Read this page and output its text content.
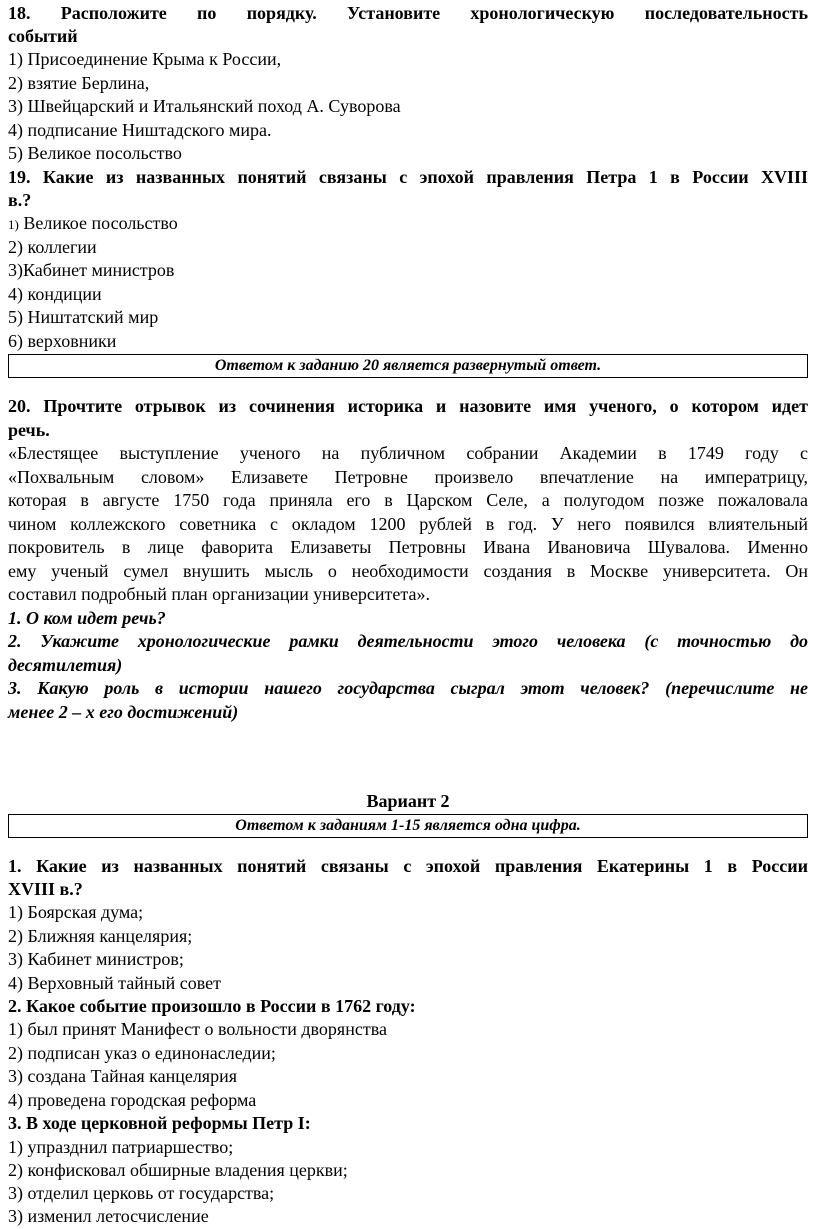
18. Расположите по порядку. Установите хронологическую последовательность
событий
1) Присоединение Крыма к России,
2) взятие Берлина,
3) Швейцарский и Итальянский поход А. Суворова
4) подписание Ништадского мира.
5) Великое посольство
19. Какие из названных понятий связаны с эпохой правления Петра 1 в России XVIII
в.?
1) Великое посольство
2) коллегии
3)Кабинет министров
4) кондиции
5) Ништатский мир
6) верховники
Ответом к заданию 20 является развернутый ответ.
20. Прочтите отрывок из сочинения историка и назовите имя ученого, о котором идет
речь.
«Блестящее выступление ученого на публичном собрании Академии в 1749 году с
«Похвальным словом» Елизавете Петровне произвело впечатление на императрицу,
которая в августе 1750 года приняла его в Царском Селе, а полугодом позже пожаловала
чином коллежского советника с окладом 1200 рублей в год. У него появился влиятельный
покровитель в лице фаворита Елизаветы Петровны Ивана Ивановича Шувалова. Именно
ему ученый сумел внушить мысль о необходимости создания в Москве университета. Он
составил подробный план организации университета».
1. О ком идет речь?
2. Укажите хронологические рамки деятельности этого человека (с точностью до
десятилетия)
3. Какую роль в истории нашего государства сыграл этот человек? (перечислите не
менее 2 – х его достижений)
Вариант 2
Ответом к заданиям 1-15 является одна цифра.
1. Какие из названных понятий связаны с эпохой правления Екатерины 1 в России
XVIII в.?
1) Боярская дума;
2) Ближняя канцелярия;
3) Кабинет министров;
4) Верховный тайный совет
2. Какое событие произошло в России в 1762 году:
1) был принят Манифест о вольности дворянства
2) подписан указ о единонаследии;
3) создана Тайная канцелярия
4) проведена городская реформа
3. В ходе церковной реформы Петр I:
1) упразднил патриаршество;
2) конфисковал обширные владения церкви;
3) отделил церковь от государства;
3) изменил летосчисление
